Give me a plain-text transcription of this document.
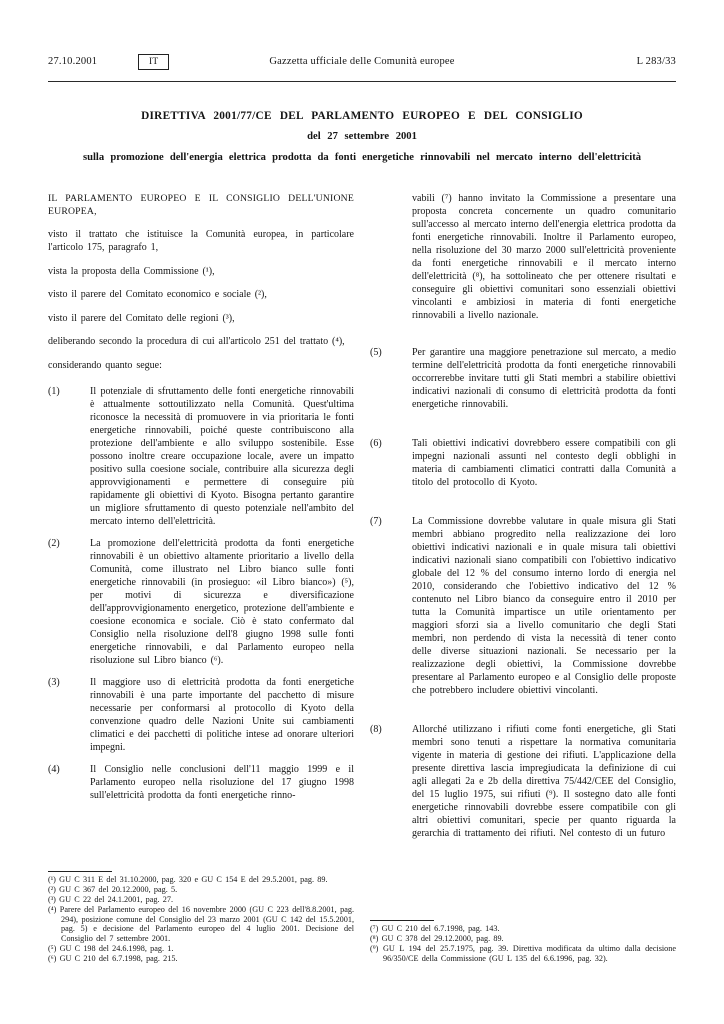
27.10.2001	IT	Gazzetta ufficiale delle Comunità europee	L 283/33
DIRETTIVA 2001/77/CE DEL PARLAMENTO EUROPEO E DEL CONSIGLIO
del 27 settembre 2001
sulla promozione dell'energia elettrica prodotta da fonti energetiche rinnovabili nel mercato interno dell'elettricità

IL PARLAMENTO EUROPEO E IL CONSIGLIO DELL'UNIONE EUROPEA,

visto il trattato che istituisce la Comunità europea, in particolare l'articolo 175, paragrafo 1,

vista la proposta della Commissione (¹),

visto il parere del Comitato economico e sociale (²),

visto il parere del Comitato delle regioni (³),

deliberando secondo la procedura di cui all'articolo 251 del trattato (⁴),

considerando quanto segue:

(1)	Il potenziale di sfruttamento delle fonti energetiche rinnovabili è attualmente sottoutilizzato nella Comunità. Quest'ultima riconosce la necessità di promuovere in via prioritaria le fonti energetiche rinnovabili, poiché queste contribuiscono alla protezione dell'ambiente e allo sviluppo sostenibile. Esse possono inoltre creare occupazione locale, avere un impatto positivo sulla coesione sociale, contribuire alla sicurezza degli approvvigionamenti e permettere di conseguire più rapidamente gli obiettivi di Kyoto. Bisogna pertanto garantire un migliore sfruttamento di questo potenziale nell'ambito del mercato interno dell'elettricità.
(2)	La promozione dell'elettricità prodotta da fonti energetiche rinnovabili è un obiettivo altamente prioritario a livello della Comunità, come illustrato nel Libro bianco sulle fonti energetiche rinnovabili (in prosieguo: «il Libro bianco») (⁵), per motivi di sicurezza e diversificazione dell'approvvigionamento energetico, protezione dell'ambiente e coesione economica e sociale. Ciò è stato confermato dal Consiglio nella risoluzione dell'8 giugno 1998 sulle fonti energetiche rinnovabili, e dal Parlamento europeo nella risoluzione sul Libro bianco (⁶).
(3)	Il maggiore uso di elettricità prodotta da fonti energetiche rinnovabili è una parte importante del pacchetto di misure necessarie per conformarsi al protocollo di Kyoto della convenzione quadro delle Nazioni Unite sui cambiamenti climatici e dei pacchetti di politiche intese ad onorare ulteriori impegni.
(4)	Il Consiglio nelle conclusioni dell'11 maggio 1999 e il Parlamento europeo nella risoluzione del 17 giugno 1998 sull'elettricità prodotta da fonti energetiche rinno-

(¹) GU C 311 E del 31.10.2000, pag. 320 e GU C 154 E del 29.5.2001, pag. 89.

(²) GU C 367 del 20.12.2000, pag. 5.

(³) GU C 22 del 24.1.2001, pag. 27.

(⁴) Parere del Parlamento europeo del 16 novembre 2000 (GU C 223 dell'8.8.2001, pag. 294), posizione comune del Consiglio del 23 marzo 2001 (GU C 142 del 15.5.2001, pag. 5) e decisione del Parlamento europeo del 4 luglio 2001. Decisione del Consiglio del 7 settembre 2001.

(⁵) GU C 198 del 24.6.1998, pag. 1.

(⁶) GU C 210 del 6.7.1998, pag. 215.

vabili (⁷) hanno invitato la Commissione a presentare una proposta concreta concernente un quadro comunitario sull'accesso al mercato interno dell'energia elettrica prodotta da fonti energetiche rinnovabili. Inoltre il Parlamento europeo, nella risoluzione del 30 marzo 2000 sull'elettricità proveniente da fonti energetiche rinnovabili e il mercato interno dell'elettricità (⁸), ha sottolineato che per ottenere risultati e conseguire gli obiettivi comunitari sono essenziali obiettivi vincolanti e ambiziosi in materia di fonti energetiche rinnovabili a livello nazionale.

(5)	Per garantire una maggiore penetrazione sul mercato, a medio termine dell'elettricità prodotta da fonti energetiche rinnovabili occorrerebbe invitare tutti gli Stati membri a stabilire obiettivi indicativi nazionali di consumo di elettricità prodotta da fonti energetiche rinnovabili.
(6)	Tali obiettivi indicativi dovrebbero essere compatibili con gli impegni nazionali assunti nel contesto degli obblighi in materia di cambiamenti climatici contratti dalla Comunità a titolo del protocollo di Kyoto.
(7)	La Commissione dovrebbe valutare in quale misura gli Stati membri abbiano progredito nella realizzazione dei loro obiettivi indicativi nazionali e in quale misura tali obiettivi indicativi nazionali siano compatibili con l'obiettivo indicativo globale del 12 % del consumo interno lordo di energia nel 2010, considerando che l'obiettivo indicativo del 12 % contenuto nel Libro bianco da conseguire entro il 2010 per tutta la Comunità impartisce un utile orientamento per maggiori sforzi sia a livello comunitario che degli Stati membri, non perdendo di vista la necessità di tener conto delle diverse situazioni nazionali. Se necessario per la realizzazione degli obiettivi, la Commissione dovrebbe presentare al Parlamento europeo e al Consiglio delle proposte che potrebbero includere obiettivi vincolanti.
(8)	Allorché utilizzano i rifiuti come fonti energetiche, gli Stati membri sono tenuti a rispettare la normativa comunitaria vigente in materia di gestione dei rifiuti. L'applicazione della presente direttiva lascia impregiudicata la definizione di cui agli allegati 2a e 2b della direttiva 75/442/CEE del Consiglio, del 15 luglio 1975, sui rifiuti (⁹). Il sostegno dato alle fonti energetiche rinnovabili dovrebbe essere compatibile con gli altri obiettivi comunitari, specie per quanto riguarda la gerarchia di trattamento dei rifiuti. Nel contesto di un futuro

(⁷) GU C 210 del 6.7.1998, pag. 143.

(⁸) GU C 378 del 29.12.2000, pag. 89.

(⁹) GU L 194 del 25.7.1975, pag. 39. Direttiva modificata da ultimo dalla decisione 96/350/CE della Commissione (GU L 135 del 6.6.1996, pag. 32).
